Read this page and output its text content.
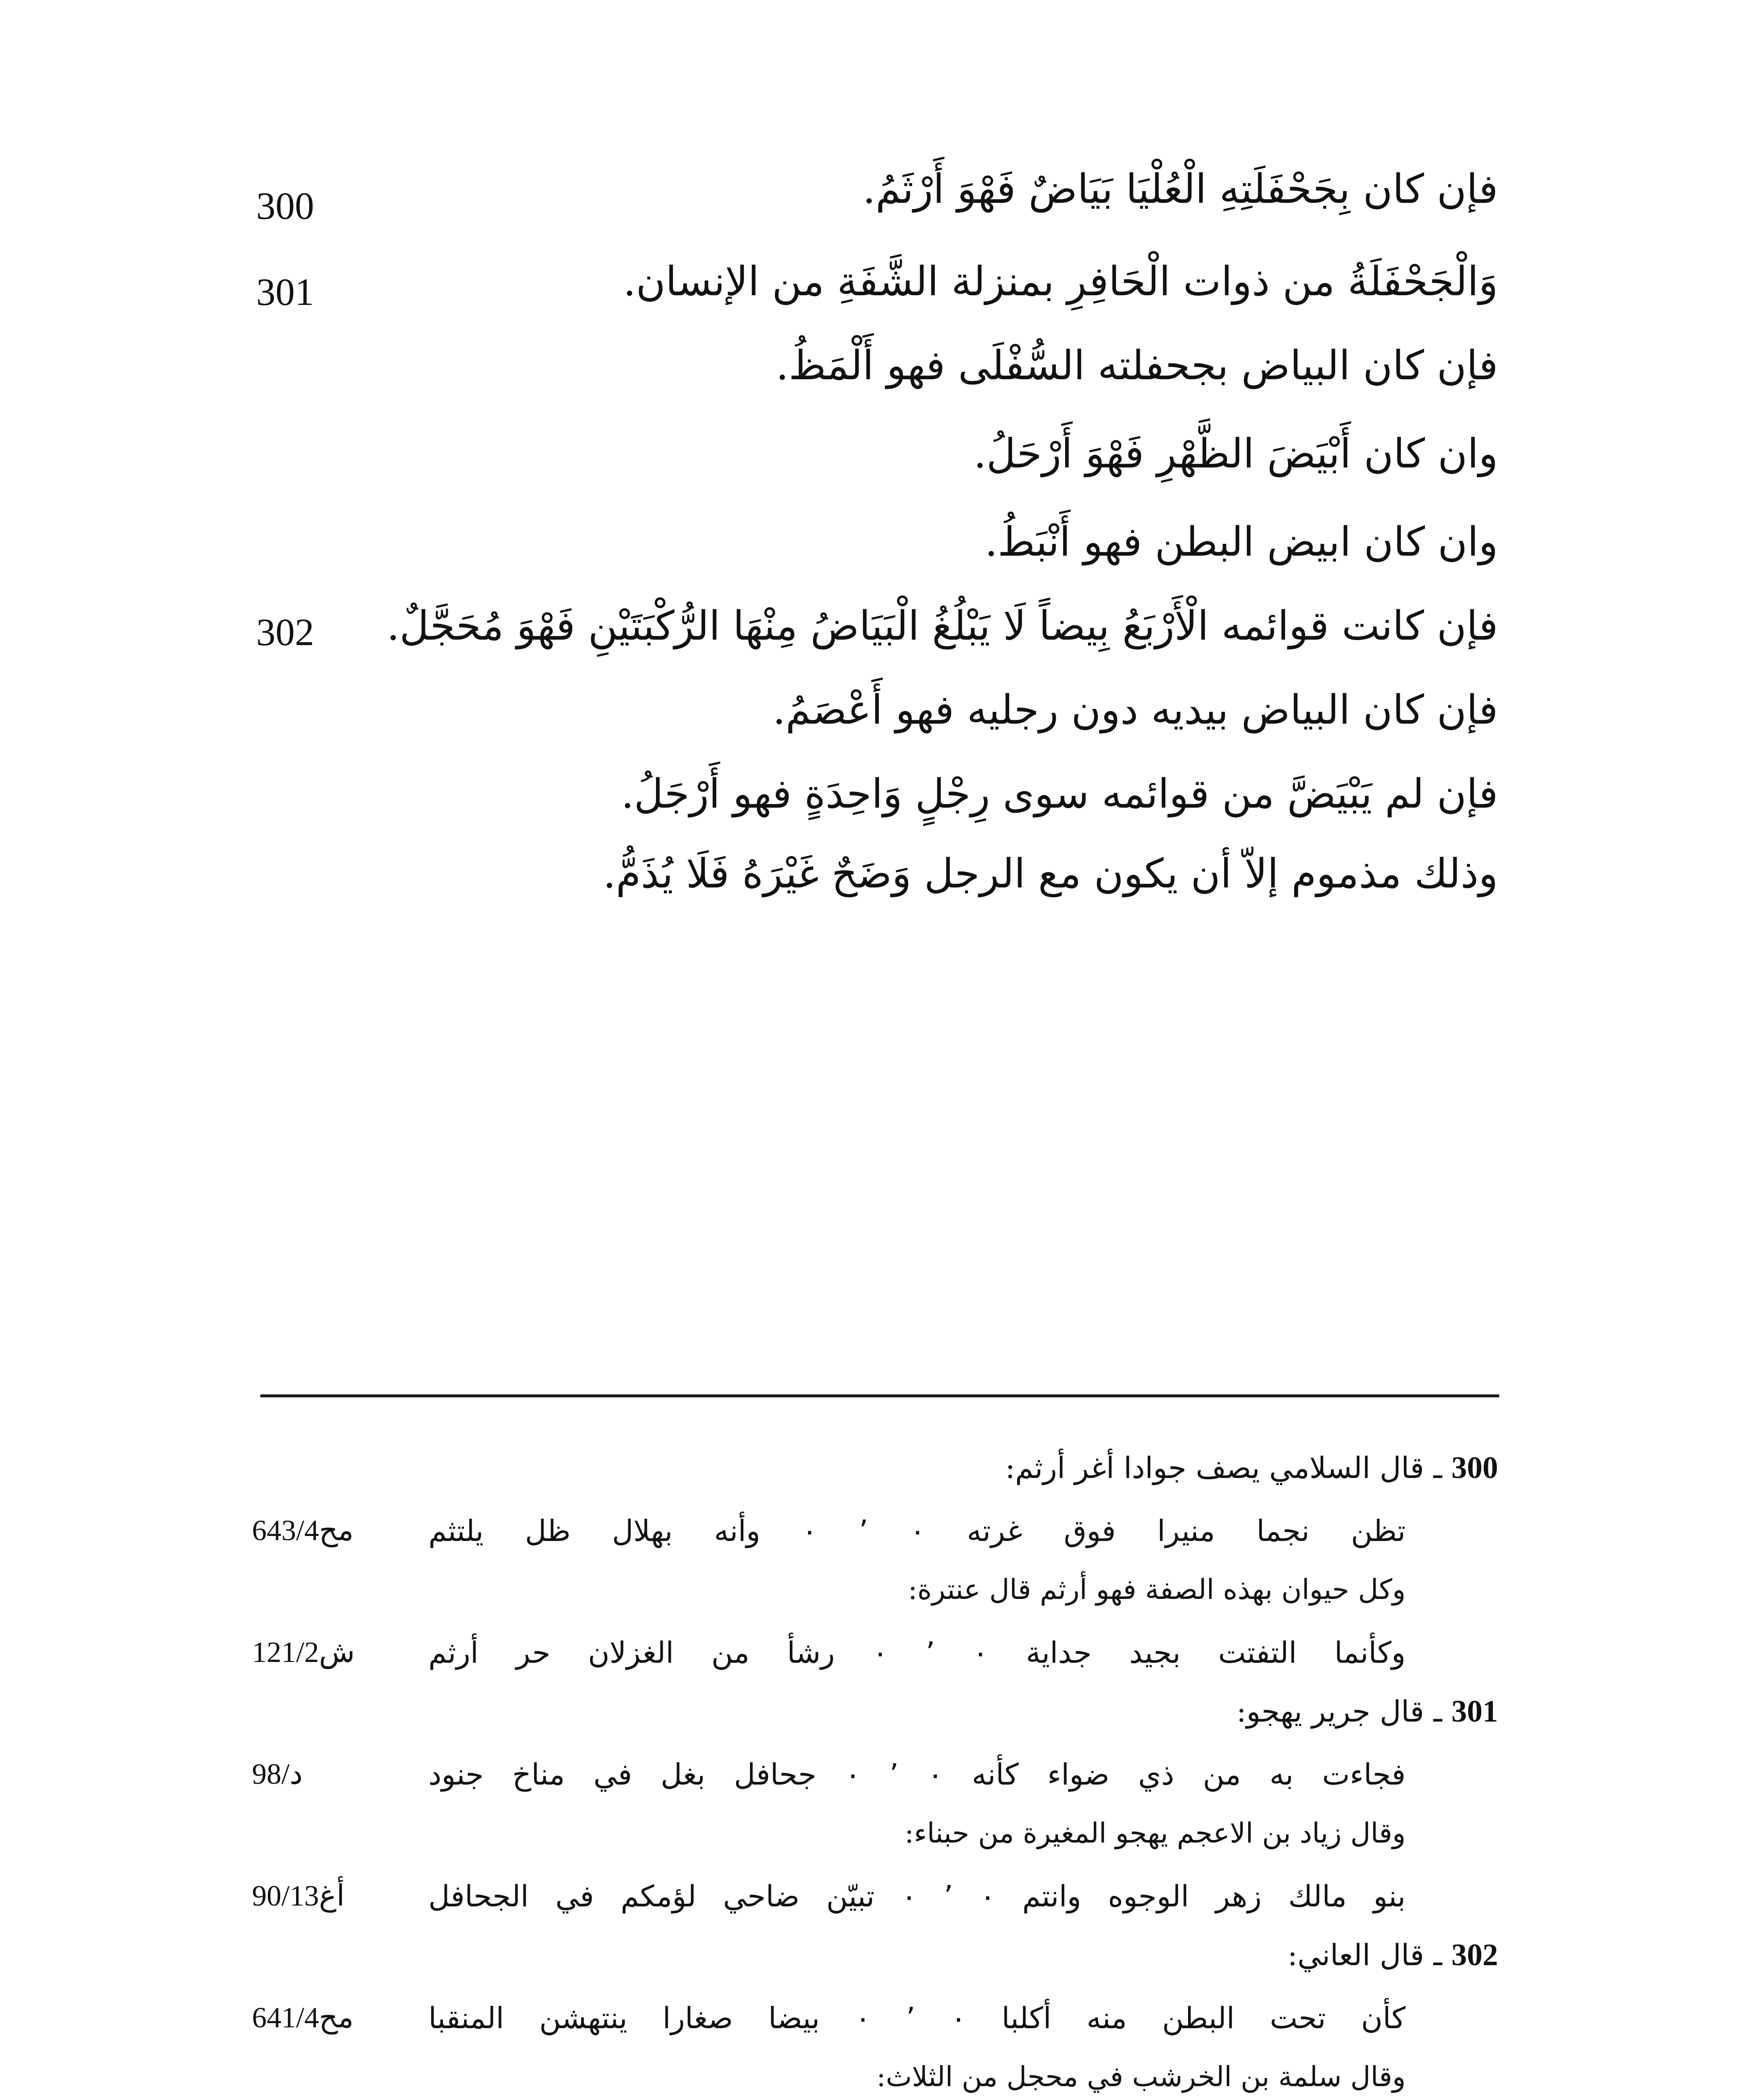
فإن كان بِجَحْفَلَتِهِ الْعُلْيَا بَيَاضٌ فَهْوَ أَرْثَمُ.
300
وَالْجَحْفَلَةُ من ذوات الْحَافِرِ بمنزلة الشَّفَةِ من الإنسان.
301
فإن كان البياض بجحفلته السُّفْلَى فهو أَلْمَظُ.
وان كان أَبْيَضَ الظَّهْرِ فَهْوَ أَرْحَلُ.
وان كان ابيض البطن فهو أَنْبَطُ.
فإن كانت قوائمه الْأَرْبَعُ بِيضاً لَا يَبْلُغُ الْبَيَاضُ مِنْهَا الرُّكْبَتَيْنِ فَهْوَ مُحَجَّلٌ.
302
فإن كان البياض بيديه دون رجليه فهو أَعْصَمُ.
فإن لم يَبْيَضَّ من قوائمه سوى رِجْلٍ وَاحِدَةٍ فهو أَرْجَلُ.
وذلك مذموم إلاّ أن يكون مع الرجل وَضَحٌ غَيْرَهُ فَلَا يُذَمُّ.
300 ـ قال السلامي يصف جوادا أغر أرثم:
تظن نجما منيرا فوق غرته ٠ ٬ ٠ وأنه بهلال ظل يلتثم
مح643/4
وكل حيوان بهذه الصفة فهو أرثم قال عنترة:
وكأنما التفتت بجيد جداية ٠ ٬ ٠ رشأ من الغزلان حر أرثم
ش121/2
301 ـ قال جرير يهجو:
فجاءت به من ذي ضواء كأنه ٠ ٬ ٠ جحافل بغل في مناخ جنود
د/98
وقال زياد بن الاعجم يهجو المغيرة من حبناء:
بنو مالك زهر الوجوه وانتم ٠ ٬ ٠ تبيّن ضاحي لؤمكم في الجحافل
أغ90/13
302 ـ قال العاني:
كأن تحت البطن منه أكلبا ٠ ٬ ٠ بيضا صغارا ينتهشن المنقبا
مح641/4
وقال سلمة بن الخرشب في محجل من الثلاث:
